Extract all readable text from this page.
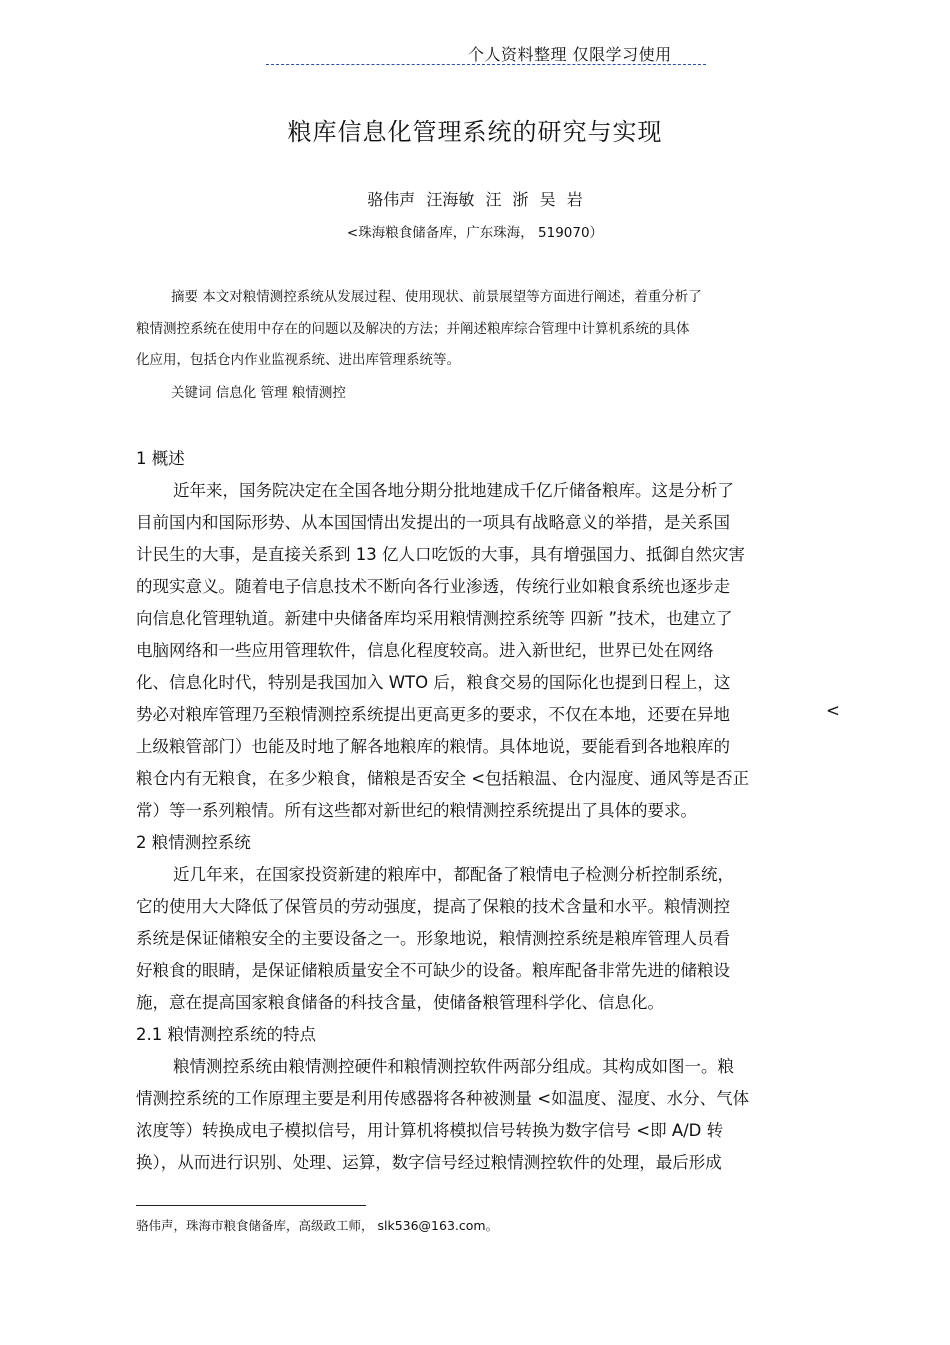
个人资料整理 仅限学习使用
粮库信息化管理系统的研究与实现
骆伟声 汪海敏 汪 浙 吴 岩
<珠海粮食储备库，广东珠海， 519070）
摘要 本文对粮情测控系统从发展过程、使用现状、前景展望等方面进行阐述，着重分析了
粮情测控系统在使用中存在的问题以及解决的方法；并阐述粮库综合管理中计算机系统的具体
化应用，包括仓内作业监视系统、进出库管理系统等。
关键词 信息化 管理 粮情测控
1 概述
近年来，国务院决定在全国各地分期分批地建成千亿斤储备粮库。这是分析了
目前国内和国际形势、从本国国情出发提出的一项具有战略意义的举措，是关系国
计民生的大事，是直接关系到 13 亿人口吃饭的大事，具有增强国力、抵御自然灾害
的现实意义。随着电子信息技术不断向各行业渗透，传统行业如粮食系统也逐步走
向信息化管理轨道。新建中央储备库均采用粮情测控系统等 四新 ”技术，也建立了
电脑网络和一些应用管理软件，信息化程度较高。进入新世纪，世界已处在网络
化、信息化时代，特别是我国加入 WTO 后，粮食交易的国际化也提到日程上，这
势必对粮库管理乃至粮情测控系统提出更高更多的要求，不仅在本地，还要在异地	<
上级粮管部门）也能及时地了解各地粮库的粮情。具体地说，要能看到各地粮库的
粮仓内有无粮食，在多少粮食，储粮是否安全 <包括粮温、仓内湿度、通风等是否正
常）等一系列粮情。所有这些都对新世纪的粮情测控系统提出了具体的要求。
2 粮情测控系统
近几年来，在国家投资新建的粮库中，都配备了粮情电子检测分析控制系统，
它的使用大大降低了保管员的劳动强度，提高了保粮的技术含量和水平。粮情测控
系统是保证储粮安全的主要设备之一。形象地说，粮情测控系统是粮库管理人员看
好粮食的眼睛，是保证储粮质量安全不可缺少的设备。粮库配备非常先进的储粮设
施，意在提高国家粮食储备的科技含量，使储备粮管理科学化、信息化。
2.1 粮情测控系统的特点
粮情测控系统由粮情测控硬件和粮情测控软件两部分组成。其构成如图一。粮
情测控系统的工作原理主要是利用传感器将各种被测量 <如温度、湿度、水分、气体
浓度等）转换成电子模拟信号，用计算机将模拟信号转换为数字信号 <即 A/D 转
换），从而进行识别、处理、运算，数字信号经过粮情测控软件的处理，最后形成
骆伟声，珠海市粮食储备库，高级政工师， slk536@163.com。
